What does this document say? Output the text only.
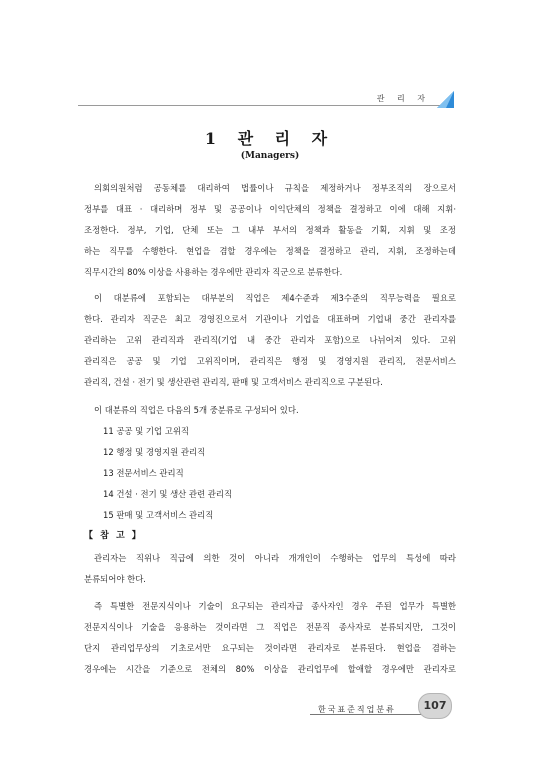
관 리 자
1 관 리 자
(Managers)
의회의원처럼 공동체를 대리하여 법률이나 규칙을 제정하거나 정부조직의 장으로서
정부를 대표 · 대리하며 정부 및 공공이나 이익단체의 정책을 결정하고 이에 대해 지휘·
조정한다. 정부, 기업, 단체 또는 그 내부 부서의 정책과 활동을 기획, 지휘 및 조정
하는 직무를 수행한다. 현업을 겸할 경우에는 정책을 결정하고 관리, 지휘, 조정하는데
직무시간의 80% 이상을 사용하는 경우에만 관리자 직군으로 분류한다.
이 대분류에 포함되는 대부분의 직업은 제4수준과 제3수준의 직무능력을 필요로
한다. 관리자 직군은 최고 경영진으로서 기관이나 기업을 대표하며 기업내 중간 관리자를
관리하는 고위 관리직과 관리직(기업 내 중간 관리자 포함)으로 나뉘어져 있다. 고위
관리직은 공공 및 기업 고위직이며, 관리직은 행정 및 경영지원 관리직, 전문서비스
관리직, 건설 · 전기 및 생산관련 관리직, 판매 및 고객서비스 관리직으로 구분된다.
이 대분류의 직업은 다음의 5개 중분류로 구성되어 있다.
11 공공 및 기업 고위직
12 행정 및 경영지원 관리직
13 전문서비스 관리직
14 건설 · 전기 및 생산 관련 관리직
15 판매 및 고객서비스 관리직
【 참 고 】
관리자는 직위나 직급에 의한 것이 아니라 개개인이 수행하는 업무의 특성에 따라
분류되어야 한다.
즉 특별한 전문지식이나 기술이 요구되는 관리자급 종사자인 경우 주된 업무가 특별한
전문지식이나 기술을 응용하는 것이라면 그 직업은 전문직 종사자로 분류되지만, 그것이
단지 관리업무상의 기초로서만 요구되는 것이라면 관리자로 분류된다. 현업을 겸하는
경우에는 시간을 기준으로 전체의 80% 이상을 관리업무에 할애할 경우에만 관리자로
한국표준직업분류	107
